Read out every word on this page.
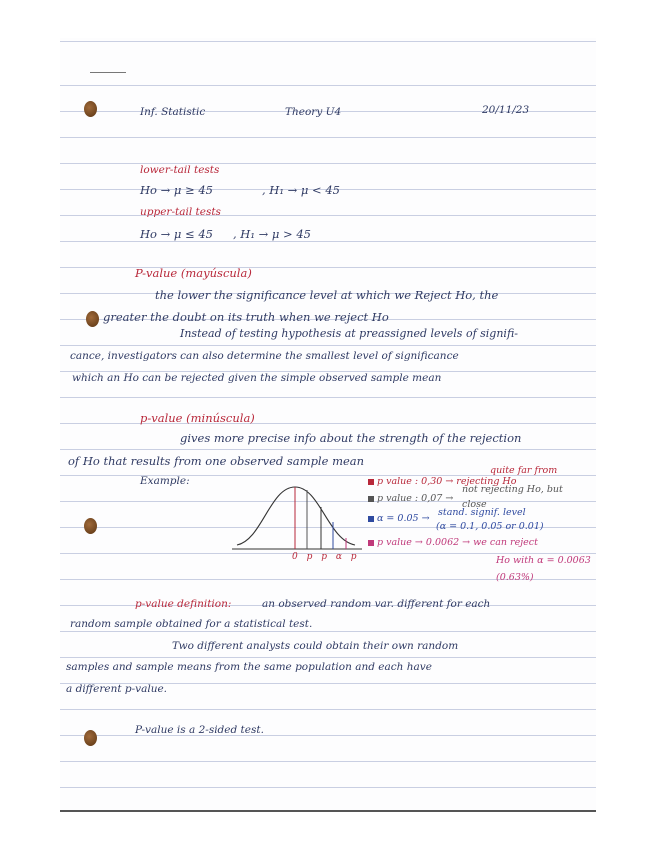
Inf. Statistic	Theory U4	20/11/23
lower-tail tests
Ho → μ ≥ 45	, H₁ → μ < 45
upper-tail tests
Ho → μ ≤ 45 , H₁ → μ > 45
P-value (mayúscula)
the lower the significance level at which we Reject Ho, the
greater the doubt on its truth when we reject Ho
Instead of testing hypothesis at preassigned levels of signifi-
cance, investigators can also determine the smallest level of significance
which an Ho can be rejected given the simple observed sample mean
p-value (minúscula)
gives more precise info about the strength of the rejection
of Ho that results from one observed sample mean
Example:
0 p p α p
quite far from
p value : 0,30 → rejecting Ho
not rejecting Ho, but
p value : 0,07 →
close
α = 0.05 →
stand. signif. level
(α = 0.1, 0.05 or 0.01)
p value → 0.0062 → we can reject
Ho with α = 0.0063
(0.63%)
p-value definition:	an observed random var. different for each
random sample obtained for a statistical test.
Two different analysts could obtain their own random
samples and sample means from the same population and each have
a different p-value.
P-value is a 2-sided test.
